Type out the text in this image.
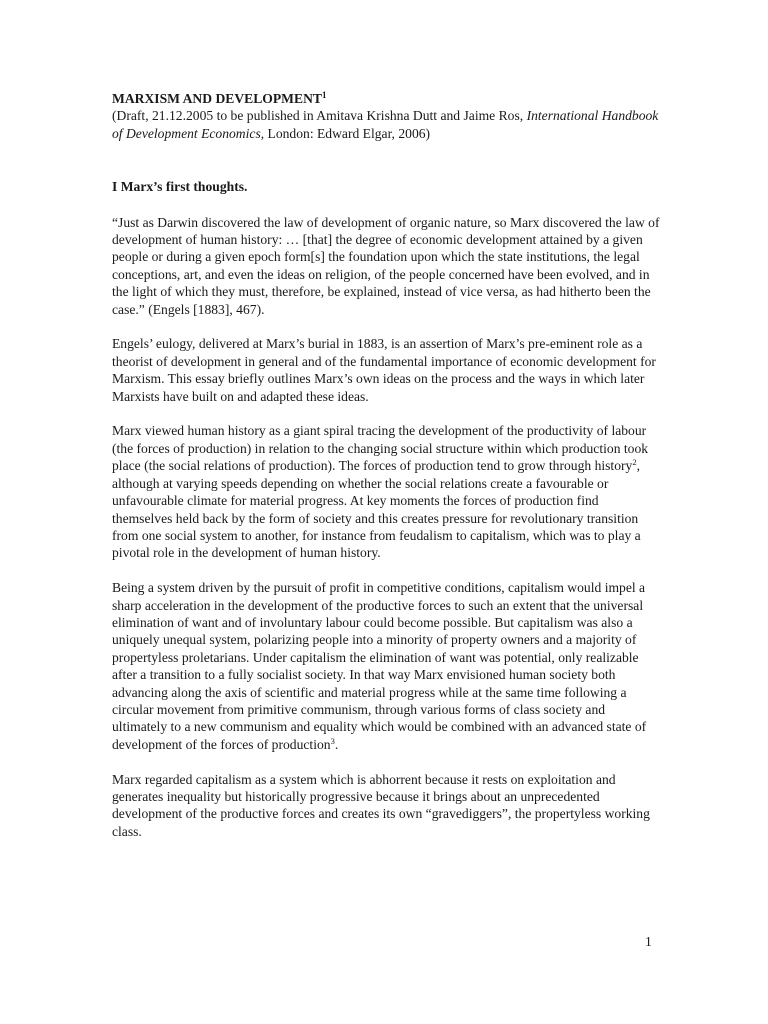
MARXISM AND DEVELOPMENT$^1$

(Draft, 21.12.2005 to be published in Amitava Krishna Dutt and Jaime Ros, International Handbook of Development Economics, London: Edward Elgar, 2006)

I Marx’s first thoughts.

“Just as Darwin discovered the law of development of organic nature, so Marx discovered the law of development of human history: … [that] the degree of economic development attained by a given people or during a given epoch form[s] the foundation upon which the state institutions, the legal conceptions, art, and even the ideas on religion, of the people concerned have been evolved, and in the light of which they must, therefore, be explained, instead of vice versa, as had hitherto been the case.” (Engels [1883], 467).

Engels’ eulogy, delivered at Marx’s burial in 1883, is an assertion of Marx’s pre-eminent role as a theorist of development in general and of the fundamental importance of economic development for Marxism. This essay briefly outlines Marx’s own ideas on the process and the ways in which later Marxists have built on and adapted these ideas.

Marx viewed human history as a giant spiral tracing the development of the productivity of labour (the forces of production) in relation to the changing social structure within which production took place (the social relations of production). The forces of production tend to grow through history$^2$, although at varying speeds depending on whether the social relations create a favourable or unfavourable climate for material progress. At key moments the forces of production find themselves held back by the form of society and this creates pressure for revolutionary transition from one social system to another, for instance from feudalism to capitalism, which was to play a pivotal role in the development of human history.

Being a system driven by the pursuit of profit in competitive conditions, capitalism would impel a sharp acceleration in the development of the productive forces to such an extent that the universal elimination of want and of involuntary labour could become possible. But capitalism was also a uniquely unequal system, polarizing people into a minority of property owners and a majority of propertyless proletarians. Under capitalism the elimination of want was potential, only realizable after a transition to a fully socialist society. In that way Marx envisioned human society both advancing along the axis of scientific and material progress while at the same time following a circular movement from primitive communism, through various forms of class society and ultimately to a new communism and equality which would be combined with an advanced state of development of the forces of production$^3$.

Marx regarded capitalism as a system which is abhorrent because it rests on exploitation and generates inequality but historically progressive because it brings about an unprecedented development of the productive forces and creates its own “gravediggers”, the propertyless working class.

1
